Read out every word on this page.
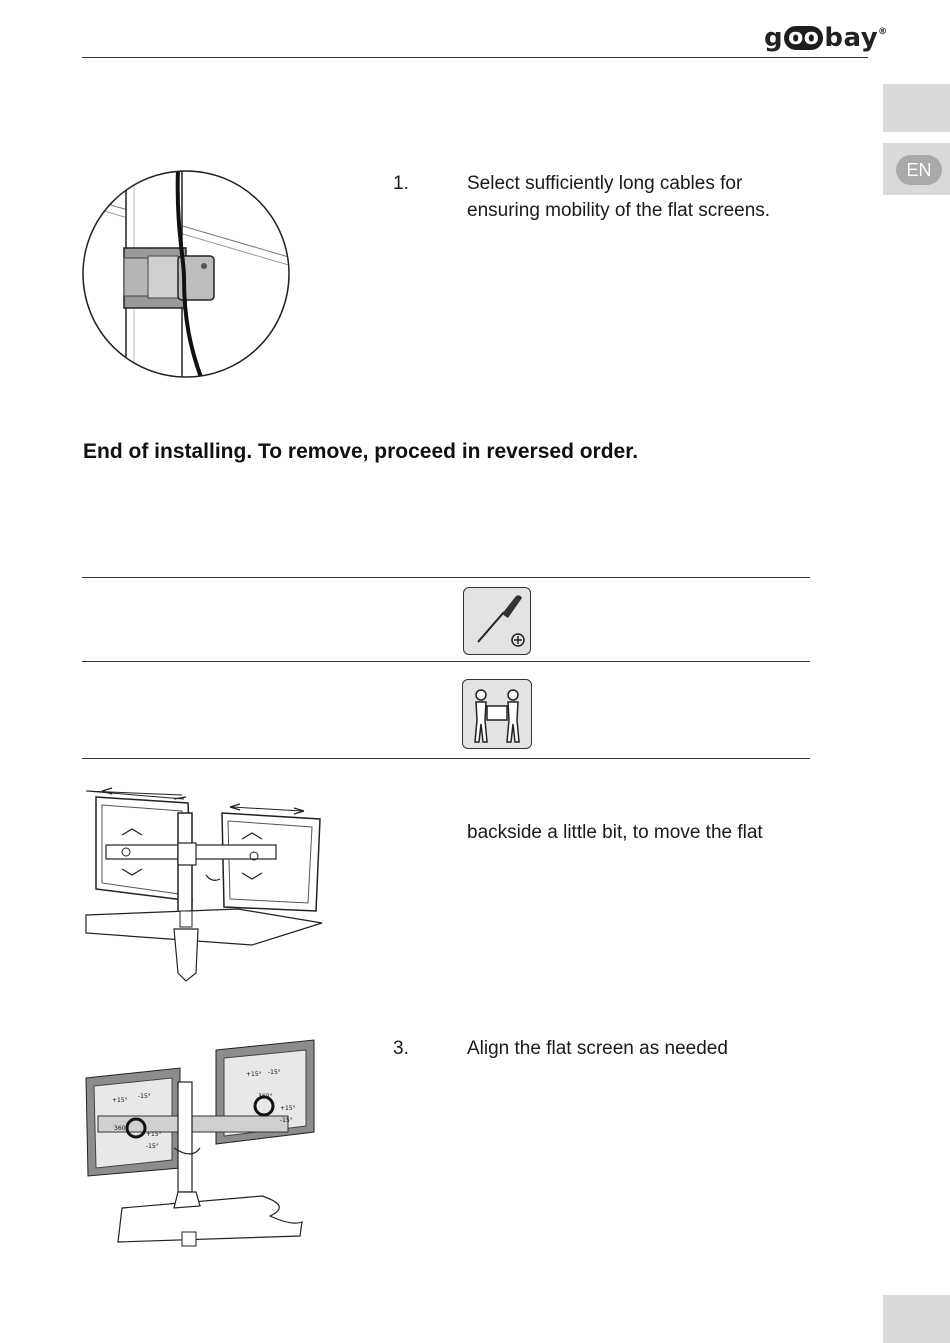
g oo bay®
EN
1.	Select sufficiently long cables for
ensuring mobility of the flat screens.
End of installing. To remove, proceed in reversed order.
backside a little bit, to move the flat
+15°
-15°
360°
+15°
-15°
+15° -15°
360°
+15°
-15°
3.	Align the flat screen as needed
